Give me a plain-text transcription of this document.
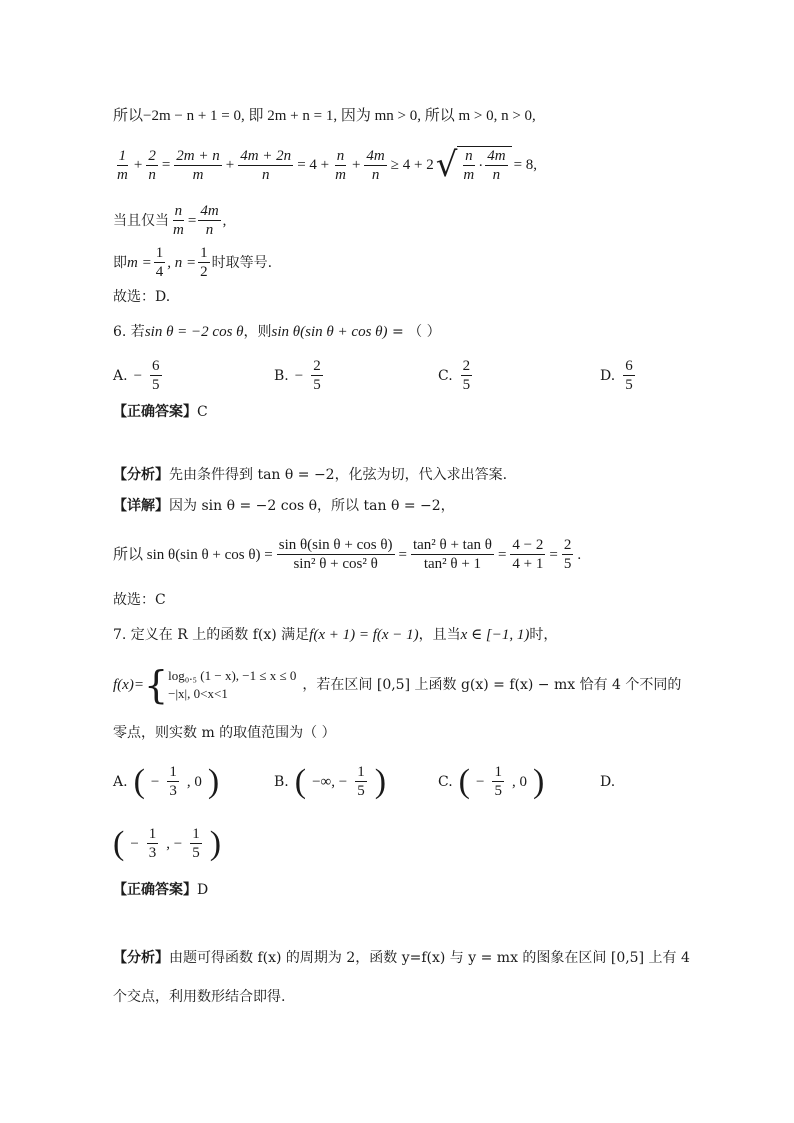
所以−2m − n + 1 = 0, 即 2m + n = 1, 因为 mn > 0, 所以 m > 0, n > 0,
$\frac{1}{m} + \frac{2}{n} = \frac{2m + n}{m} + \frac{4m + 2n}{n} = 4 + \frac{n}{m} + \frac{4m}{n} \ge 4 + 2$ √ $\frac{n}{m} \cdot \frac{4m}{n} = 8$,
当且仅当 $\frac{n}{m} = \frac{4m}{n}$ ,
即 $m = \frac{1}{4}$ , $n = \frac{1}{2}$ 时取等号.
故选：D.
6. 若sin θ = −2 cos θ，则sin θ(sin θ + cos θ) = （ ）
A. − $\frac{6}{5}$	B. − $\frac{2}{5}$	C. $\frac{2}{5}$	D. $\frac{6}{5}$
【正确答案】C
【分析】先由条件得到 tan θ = −2，化弦为切，代入求出答案.
【详解】因为 sin θ = −2 cos θ，所以 tan θ = −2，
所以 sin θ(sin $\theta + \cos \theta) = \frac{\text{sin θ(sin θ + cos θ)}}{\text{sin² θ + cos² θ}} = \frac{\text{tan² θ + tan θ}}{\text{tan² θ + 1}} = \frac{4 - 2}{4 + 1} = \frac{2}{5}$ .
故选：C
7. 定义在 R 上的函数 f(x) 满足f(x + 1) = f(x − 1)，且当x ∈ [−1, 1)时，
f(x)= { log₀.₅ (1 − x), −1 ≤ x ≤ 0
−|x|, 0<x<1
，若在区间 [0,5] 上函数 g(x) = f(x) − mx 恰有 4 个不同的
零点，则实数 m 的取值范围为（ ）
A. ( − $\frac{1}{3}$ , 0 )	B. ( −∞, − $\frac{1}{5}$ )	C. ( − $\frac{1}{5}$ , 0 )	D.
( − $\frac{1}{3}$ , − $\frac{1}{5}$ )
【正确答案】D
【分析】由题可得函数 f(x) 的周期为 2，函数 y=f(x) 与 y = mx 的图象在区间 [0,5] 上有 4
个交点，利用数形结合即得.
